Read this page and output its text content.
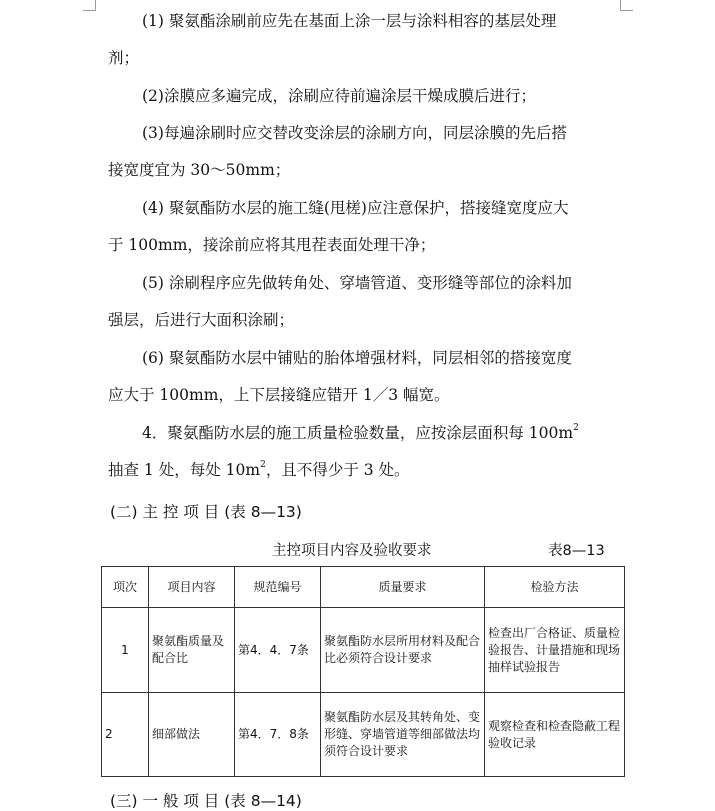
(1) 聚氨酯涂刷前应先在基面上涂一层与涂料相容的基层处理
剂；

(2)涂膜应多遍完成，涂刷应待前遍涂层干燥成膜后进行；

(3)每遍涂刷时应交替改变涂层的涂刷方向，同层涂膜的先后搭
接宽度宜为 30～50mm；

(4) 聚氨酯防水层的施工缝(甩槎)应注意保护，搭接缝宽度应大
于 100mm，接涂前应将其甩茬表面处理干净；

(5) 涂刷程序应先做转角处、穿墙管道、变形缝等部位的涂料加
强层，后进行大面积涂刷；

(6) 聚氨酯防水层中铺贴的胎体增强材料，同层相邻的搭接宽度
应大于 100mm，上下层接缝应错开 1／3 幅宽。

4．聚氨酯防水层的施工质量检验数量，应按涂层面积每 $100m^2$
抽查 1 处，每处 $10m^2$，且不得少于 3 处。

(二) 主 控 项 目 (表 8—13)
主控项目内容及验收要求	表8—13
项次	项目内容	规范编号	质量要求	检验方法
1	聚氨酯质量及配合比	第4．4．7条	聚氨酯防水层所用材料及配合比必须符合设计要求	检查出厂合格证、质量检验报告、计量措施和现场抽样试验报告
2	细部做法	第4．7．8条	聚氨酯防水层及其转角处、变形缝、穿墙管道等细部做法均须符合设计要求	观察检查和检查隐蔽工程验收记录
(三) 一 般 项 目 (表 8—14)
